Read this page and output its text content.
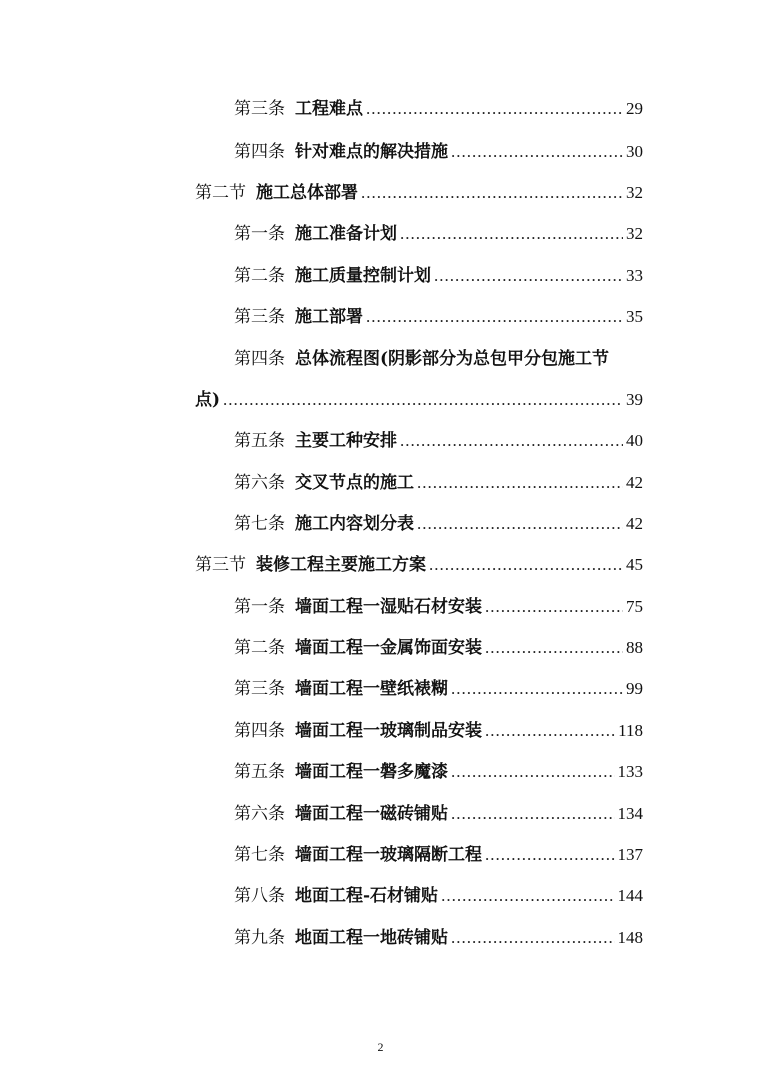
第三条 工程难点 .....	29
第四条 针对难点的解决措施 .....	30
第二节 施工总体部署 .....	32
第一条 施工准备计划 .....	32
第二条 施工质量控制计划 .....	33
第三条 施工部署 .....	35
第四条 总体流程图(阴影部分为总包甲分包施工节
点) .....	39
第五条 主要工种安排 .....	40
第六条 交叉节点的施工 .....	42
第七条 施工内容划分表 .....	42
第三节 装修工程主要施工方案 .....	45
第一条 墙面工程一湿贴石材安装 .....	75
第二条 墙面工程一金属饰面安装 .....	88
第三条 墙面工程一壁纸裱糊 .....	99
第四条 墙面工程一玻璃制品安装 .....	118
第五条 墙面工程一磐多魔漆 .....	133
第六条 墙面工程一磁砖铺贴 .....	134
第七条 墙面工程一玻璃隔断工程 .....	137
第八条 地面工程-石材铺贴 .....	144
第九条 地面工程一地砖铺贴 .....	148
2
